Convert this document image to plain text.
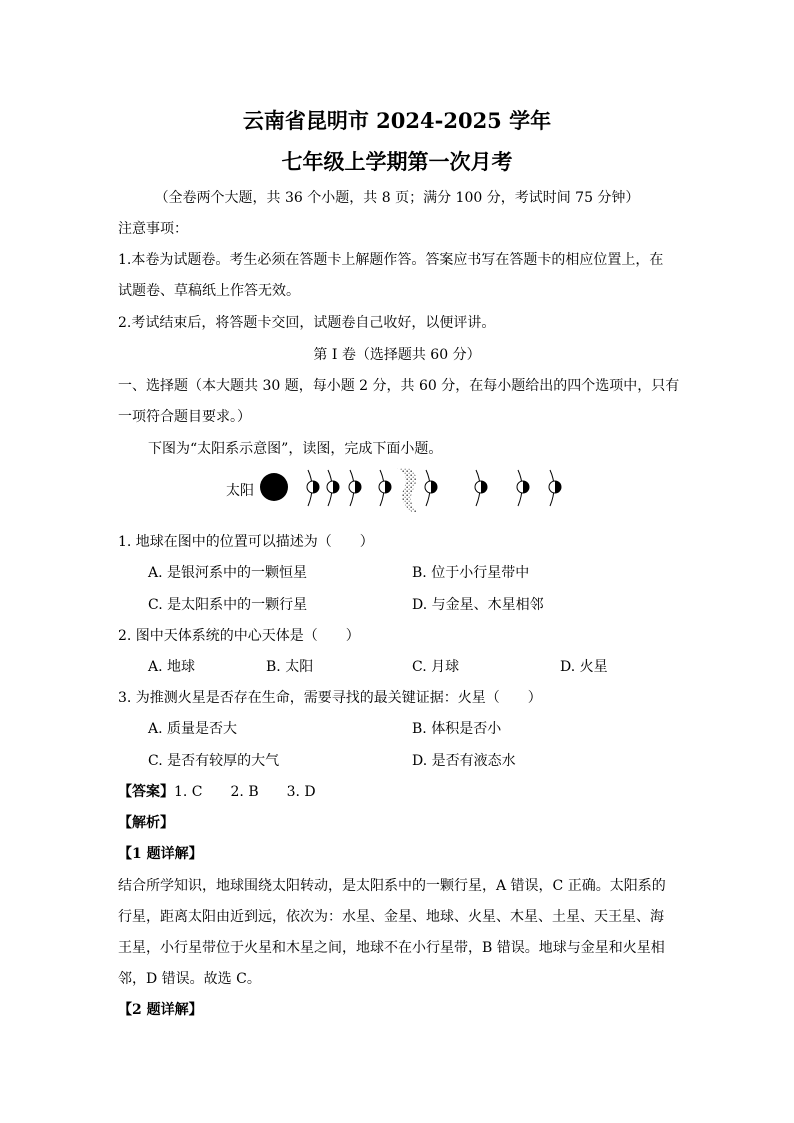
云南省昆明市 2024-2025 学年
七年级上学期第一次月考
（全卷两个大题，共 36 个小题，共 8 页；满分 100 分，考试时间 75 分钟）
注意事项：
1.本卷为试题卷。考生必须在答题卡上解题作答。答案应书写在答题卡的相应位置上，在
试题卷、草稿纸上作答无效。
2.考试结束后，将答题卡交回，试题卷自己收好，以便评讲。
第 I 卷（选择题共 60 分）
一、选择题（本大题共 30 题，每小题 2 分，共 60 分，在每小题给出的四个选项中，只有
一项符合题目要求。）
下图为“太阳系示意图”，读图，完成下面小题。
太阳
1. 地球在图中的位置可以描述为（　　）
A. 是银河系中的一颗恒星	B. 位于小行星带中
C. 是太阳系中的一颗行星	D. 与金星、木星相邻
2. 图中天体系统的中心天体是（　　）
A. 地球	B. 太阳	C. 月球	D. 火星
3. 为推测火星是否存在生命，需要寻找的最关键证据：火星（　　）
A. 质量是否大	B. 体积是否小
C. 是否有较厚的大气	D. 是否有液态水
【答案】1. C　　2. B　　3. D
【解析】
【1 题详解】
结合所学知识，地球围绕太阳转动，是太阳系中的一颗行星，A 错误，C 正确。太阳系的
行星，距离太阳由近到远，依次为：水星、金星、地球、火星、木星、土星、天王星、海
王星，小行星带位于火星和木星之间，地球不在小行星带，B 错误。地球与金星和火星相
邻，D 错误。故选 C。
【2 题详解】
